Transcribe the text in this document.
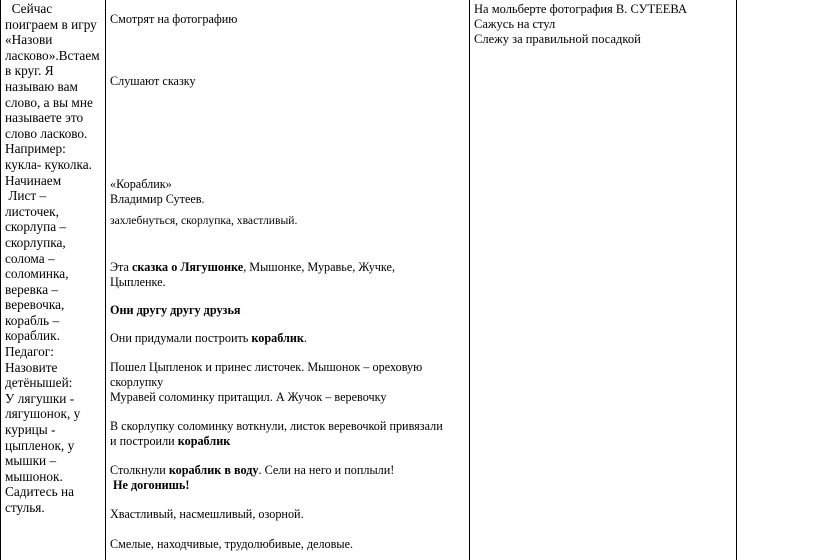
Сейчас
поиграем в игру
«Назови
ласково».Встаем
в круг. Я
называю вам
слово, а вы мне
называете это
слово ласково.
Например:
кукла- куколка.
Начинаем
Лист –
листочек,
скорлупа –
скорлупка,
солома –
соломинка,
веревка –
веревочка,
корабль –
кораблик.
Педагог:
Назовите
детёнышей:
У лягушки -
лягушонок, у
курицы -
цыпленок, у
мышки –
мышонок.
Садитесь на
стулья.
Смотрят на фотографию
Слушают сказку
«Кораблик»
Владимир Сутеев.
захлебнуться, скорлупка, хвастливый.
Эта сказка о Лягушонке, Мышонке, Муравье, Жучке,
Цыпленке.
Они другу другу друзья
Они придумали построить кораблик.
Пошел Цыпленок и принес листочек. Мышонок – ореховую
скорлупку
Муравей соломинку притащил. А Жучок – веревочку
В скорлупку соломинку воткнули, листок веревочкой привязали
и построили кораблик
Столкнули кораблик в воду. Сели на него и поплыли!
Не догонишь!
Хвастливый, насмешливый, озорной.
Смелые, находчивые, трудолюбивые, деловые.
На мольберте фотография В. СУТЕЕВА
Сажусь на стул
Слежу за правильной посадкой
